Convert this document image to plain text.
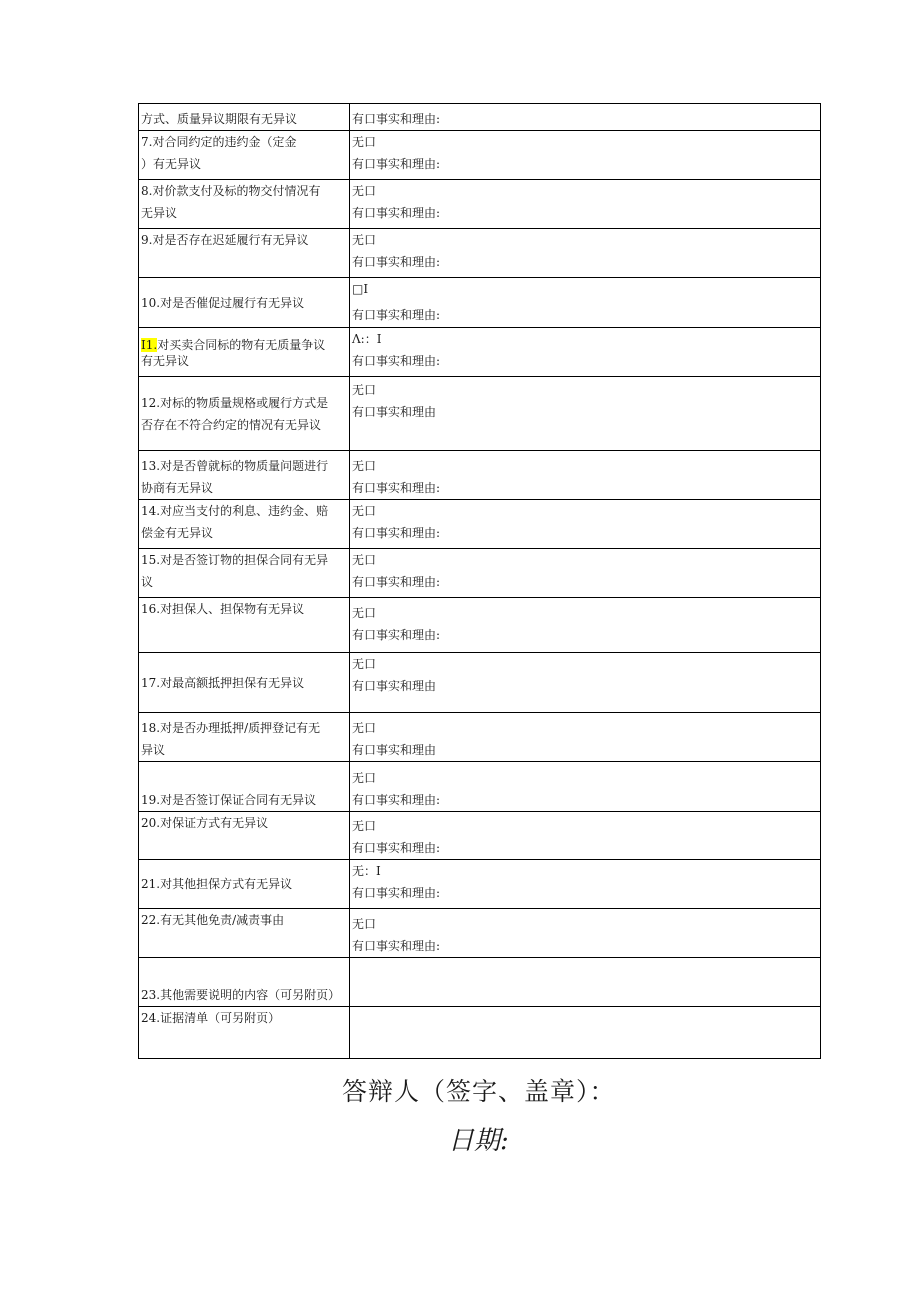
方式、质量异议期限有无异议	有口事实和理由:

7.对合同约定的违约金（定金
）有无异议	无口
有口事实和理由:

8.对价款支付及标的物交付情况有
无异议	无口
有口事实和理由:

9.对是否存在迟延履行有无异议	无口
有口事实和理由:

10.对是否催促过履行有无异议	□I
有口事实和理由:

I1.对买卖合同标的物有无质量争议
有无异议	Λ:：I
有口事实和理由:

12.对标的物质量规格或履行方式是
否存在不符合约定的情况有无异议	无口
有口事实和理由

13.对是否曾就标的物质量问题进行
协商有无异议	无口
有口事实和理由:

14.对应当支付的利息、违约金、赔
偿金有无异议	无口
有口事实和理由:

15.对是否签订物的担保合同有无异
议	无口
有口事实和理由:

16.对担保人、担保物有无异议	无口
有口事实和理由:

17.对最高额抵押担保有无异议	无口
有口事实和理由

18.对是否办理抵押/质押登记有无
异议	无口
有口事实和理由

19.对是否签订保证合同有无异议	无口
有口事实和理由:

20.对保证方式有无异议	无口
有口事实和理由:

21.对其他担保方式有无异议	无：I
有口事实和理由:

22.有无其他免责/减责事由	无口
有口事实和理由:

23.其他需要说明的内容（可另附页）	

24.证据清单（可另附页）	

答辩人（签字、盖章）：
日期:
